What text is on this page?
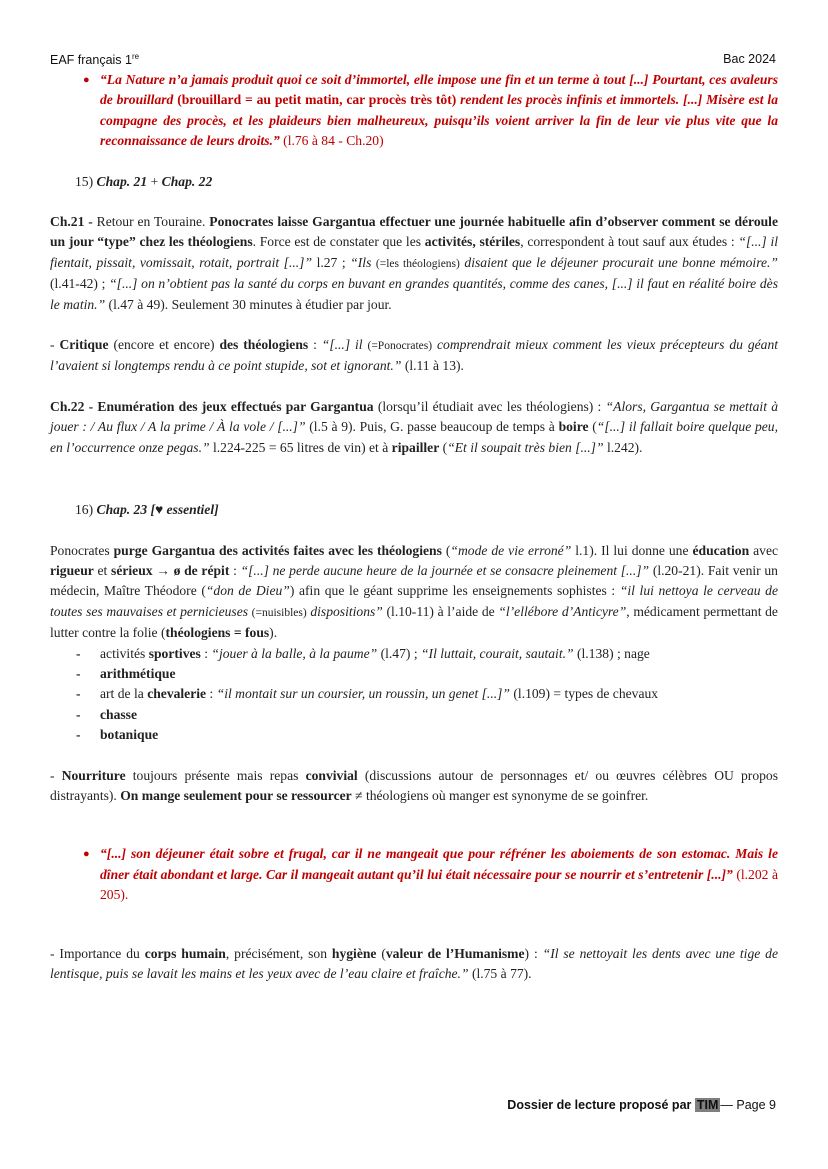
EAF français 1re	Bac 2024

● “La Nature n’a jamais produit quoi ce soit d’immortel, elle impose une fin et un terme à tout [...] Pourtant, ces avaleurs de brouillard (brouillard = au petit matin, car procès très tôt) rendent les procès infinis et immortels. [...] Misère est la compagne des procès, et les plaideurs bien malheureux, puisqu’ils voient arriver la fin de leur vie plus vite que la reconnaissance de leurs droits.” (l.76 à 84 - Ch.20)

15) Chap. 21 + Chap. 22

Ch.21 - Retour en Touraine. Ponocrates laisse Gargantua effectuer une journée habituelle afin d’observer comment se déroule un jour “type” chez les théologiens. Force est de constater que les activités, stériles, correspondent à tout sauf aux études : “[...] il fientait, pissait, vomissait, rotait, portrait [...]” l.27 ; “Ils (=les théologiens) disaient que le déjeuner procurait une bonne mémoire.” (l.41-42) ; “[...] on n’obtient pas la santé du corps en buvant en grandes quantités, comme des canes, [...] il faut en réalité boire dès le matin.” (l.47 à 49). Seulement 30 minutes à étudier par jour.

- Critique (encore et encore) des théologiens : “[...] il (=Ponocrates) comprendrait mieux comment les vieux précepteurs du géant l’avaient si longtemps rendu à ce point stupide, sot et ignorant.” (l.11 à 13).

Ch.22 - Enumération des jeux effectués par Gargantua (lorsqu’il étudiait avec les théologiens) : “Alors, Gargantua se mettait à jouer : / Au flux / A la prime / À la vole / [...]” (l.5 à 9). Puis, G. passe beaucoup de temps à boire (“[...] il fallait boire quelque peu, en l’occurrence onze pegas.” l.224-225 = 65 litres de vin) et à ripailler (“Et il soupait très bien [...]” l.242).

16) Chap. 23 [♥ essentiel]

Ponocrates purge Gargantua des activités faites avec les théologiens (“mode de vie erroné” l.1). Il lui donne une éducation avec rigueur et sérieux → ø de répit : “[...] ne perde aucune heure de la journée et se consacre pleinement [...]” (l.20-21). Fait venir un médecin, Maître Théodore (“don de Dieu”) afin que le géant supprime les enseignements sophistes : “il lui nettoya le cerveau de toutes ses mauvaises et pernicieuses (=nuisibles) dispositions” (l.10-11) à l’aide de “l’ellébore d’Anticyre”, médicament permettant de lutter contre la folie (théologiens = fous).

- activités sportives : “jouer à la balle, à la paume” (l.47) ; “Il luttait, courait, sautait.” (l.138) ; nage
- arithmétique
- art de la chevalerie : “il montait sur un coursier, un roussin, un genet [...]” (l.109) = types de chevaux
- chasse
- botanique

- Nourriture toujours présente mais repas convivial (discussions autour de personnages et/ ou œuvres célèbres OU propos distrayants). On mange seulement pour se ressourcer ≠ théologiens où manger est synonyme de se goinfrer.

● “[...] son déjeuner était sobre et frugal, car il ne mangeait que pour réfréner les aboiements de son estomac. Mais le dîner était abondant et large. Car il mangeait autant qu’il lui était nécessaire pour se nourrir et s’entretenir [...]” (l.202 à 205).

- Importance du corps humain, précisément, son hygiène (valeur de l’Humanisme) : “Il se nettoyait les dents avec une tige de lentisque, puis se lavait les mains et les yeux avec de l’eau claire et fraîche.” (l.75 à 77).

Dossier de lecture proposé par TIM — Page 9
